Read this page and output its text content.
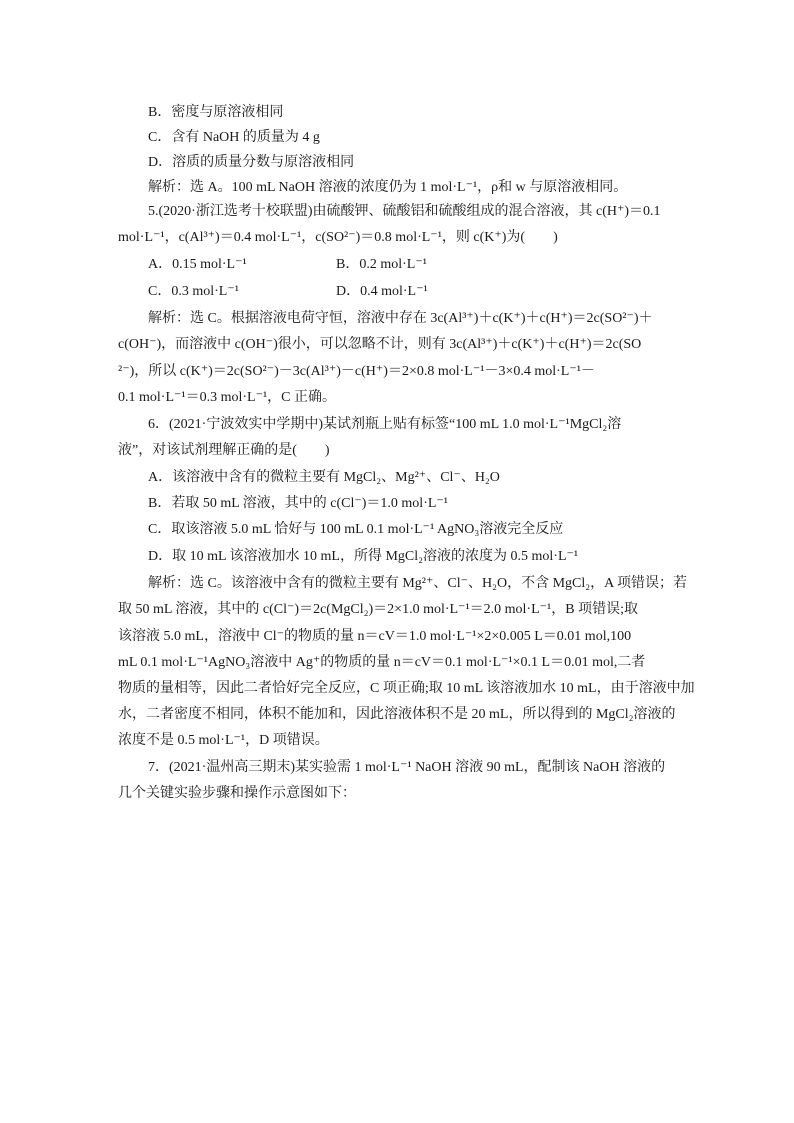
B．密度与原溶液相同
C．含有 NaOH 的质量为 4 g
D．溶质的质量分数与原溶液相同
解析：选 A。100 mL NaOH 溶液的浓度仍为 1 mol·L⁻¹，ρ和 w 与原溶液相同。
5.(2020·浙江选考十校联盟)由硫酸钾、硫酸铝和硫酸组成的混合溶液，其 c(H⁺)＝0.1
mol·L⁻¹，c(Al³⁺)＝0.4 mol·L⁻¹，c(SO²⁻)＝0.8 mol·L⁻¹，则 c(K⁺)为(　　)
A．0.15 mol·L⁻¹	B．0.2 mol·L⁻¹
C．0.3 mol·L⁻¹	D．0.4 mol·L⁻¹
解析：选 C。根据溶液电荷守恒，溶液中存在 3c(Al³⁺)＋c(K⁺)＋c(H⁺)＝2c(SO²⁻)＋
c(OH⁻)，而溶液中 c(OH⁻)很小，可以忽略不计，则有 3c(Al³⁺)＋c(K⁺)＋c(H⁺)＝2c(SO
²⁻)，所以 c(K⁺)＝2c(SO²⁻)－3c(Al³⁺)－c(H⁺)＝2×0.8 mol·L⁻¹－3×0.4 mol·L⁻¹－
0.1 mol·L⁻¹＝0.3 mol·L⁻¹，C 正确。
6．(2021·宁波效实中学期中)某试剂瓶上贴有标签“100 mL 1.0 mol·L⁻¹MgCl₂溶
液”，对该试剂理解正确的是(　　)
A．该溶液中含有的微粒主要有 MgCl₂、Mg²⁺、Cl⁻、H₂O
B．若取 50 mL 溶液，其中的 c(Cl⁻)＝1.0 mol·L⁻¹
C．取该溶液 5.0 mL 恰好与 100 mL 0.1 mol·L⁻¹ AgNO₃溶液完全反应
D．取 10 mL 该溶液加水 10 mL，所得 MgCl₂溶液的浓度为 0.5 mol·L⁻¹
解析：选 C。该溶液中含有的微粒主要有 Mg²⁺、Cl⁻、H₂O，不含 MgCl₂，A 项错误；若
取 50 mL 溶液，其中的 c(Cl⁻)＝2c(MgCl₂)＝2×1.0 mol·L⁻¹＝2.0 mol·L⁻¹，B 项错误;取
该溶液 5.0 mL，溶液中 Cl⁻的物质的量 n＝cV＝1.0 mol·L⁻¹×2×0.005 L＝0.01 mol,100
mL 0.1 mol·L⁻¹AgNO₃溶液中 Ag⁺的物质的量 n＝cV＝0.1 mol·L⁻¹×0.1 L＝0.01 mol,二者
物质的量相等，因此二者恰好完全反应，C 项正确;取 10 mL 该溶液加水 10 mL，由于溶液中加
水，二者密度不相同，体积不能加和，因此溶液体积不是 20 mL，所以得到的 MgCl₂溶液的
浓度不是 0.5 mol·L⁻¹，D 项错误。
7．(2021·温州高三期末)某实验需 1 mol·L⁻¹ NaOH 溶液 90 mL，配制该 NaOH 溶液的
几个关键实验步骤和操作示意图如下：
